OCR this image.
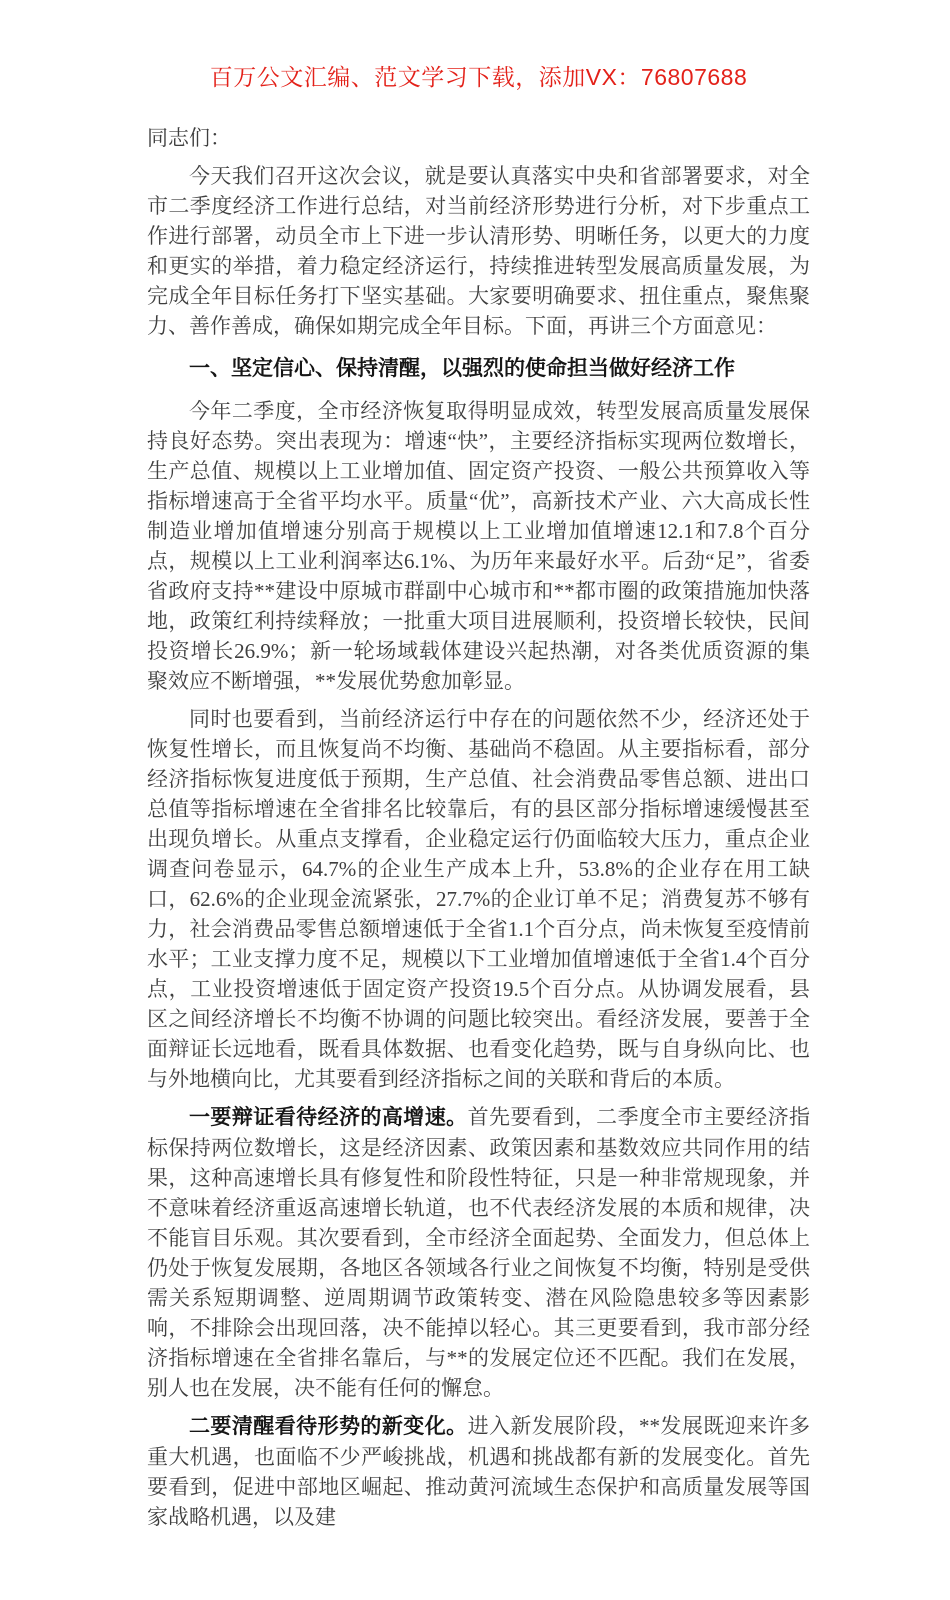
百万公文汇编、范文学习下载，添加VX：76807688

同志们：

今天我们召开这次会议，就是要认真落实中央和省部署要求，对全市二季度经济工作进行总结，对当前经济形势进行分析，对下步重点工作进行部署，动员全市上下进一步认清形势、明晰任务，以更大的力度和更实的举措，着力稳定经济运行，持续推进转型发展高质量发展，为完成全年目标任务打下坚实基础。大家要明确要求、扭住重点，聚焦聚力、善作善成，确保如期完成全年目标。下面，再讲三个方面意见：

一、坚定信心、保持清醒，以强烈的使命担当做好经济工作

今年二季度，全市经济恢复取得明显成效，转型发展高质量发展保持良好态势。突出表现为：增速“快”，主要经济指标实现两位数增长，生产总值、规模以上工业增加值、固定资产投资、一般公共预算收入等指标增速高于全省平均水平。质量“优”，高新技术产业、六大高成长性制造业增加值增速分别高于规模以上工业增加值增速12.1和7.8个百分点，规模以上工业利润率达6.1%、为历年来最好水平。后劲“足”，省委省政府支持**建设中原城市群副中心城市和**都市圈的政策措施加快落地，政策红利持续释放；一批重大项目进展顺利，投资增长较快，民间投资增长26.9%；新一轮场域载体建设兴起热潮，对各类优质资源的集聚效应不断增强，**发展优势愈加彰显。

同时也要看到，当前经济运行中存在的问题依然不少，经济还处于恢复性增长，而且恢复尚不均衡、基础尚不稳固。从主要指标看，部分经济指标恢复进度低于预期，生产总值、社会消费品零售总额、进出口总值等指标增速在全省排名比较靠后，有的县区部分指标增速缓慢甚至出现负增长。从重点支撑看，企业稳定运行仍面临较大压力，重点企业调查问卷显示，64.7%的企业生产成本上升，53.8%的企业存在用工缺口，62.6%的企业现金流紧张，27.7%的企业订单不足；消费复苏不够有力，社会消费品零售总额增速低于全省1.1个百分点，尚未恢复至疫情前水平；工业支撑力度不足，规模以下工业增加值增速低于全省1.4个百分点，工业投资增速低于固定资产投资19.5个百分点。从协调发展看，县区之间经济增长不均衡不协调的问题比较突出。看经济发展，要善于全面辩证长远地看，既看具体数据、也看变化趋势，既与自身纵向比、也与外地横向比，尤其要看到经济指标之间的关联和背后的本质。

一要辩证看待经济的高增速。首先要看到，二季度全市主要经济指标保持两位数增长，这是经济因素、政策因素和基数效应共同作用的结果，这种高速增长具有修复性和阶段性特征，只是一种非常规现象，并不意味着经济重返高速增长轨道，也不代表经济发展的本质和规律，决不能盲目乐观。其次要看到，全市经济全面起势、全面发力，但总体上仍处于恢复发展期，各地区各领域各行业之间恢复不均衡，特别是受供需关系短期调整、逆周期调节政策转变、潜在风险隐患较多等因素影响，不排除会出现回落，决不能掉以轻心。其三更要看到，我市部分经济指标增速在全省排名靠后，与**的发展定位还不匹配。我们在发展，别人也在发展，决不能有任何的懈怠。

二要清醒看待形势的新变化。进入新发展阶段，**发展既迎来许多重大机遇，也面临不少严峻挑战，机遇和挑战都有新的发展变化。首先要看到，促进中部地区崛起、推动黄河流域生态保护和高质量发展等国家战略机遇，以及建
